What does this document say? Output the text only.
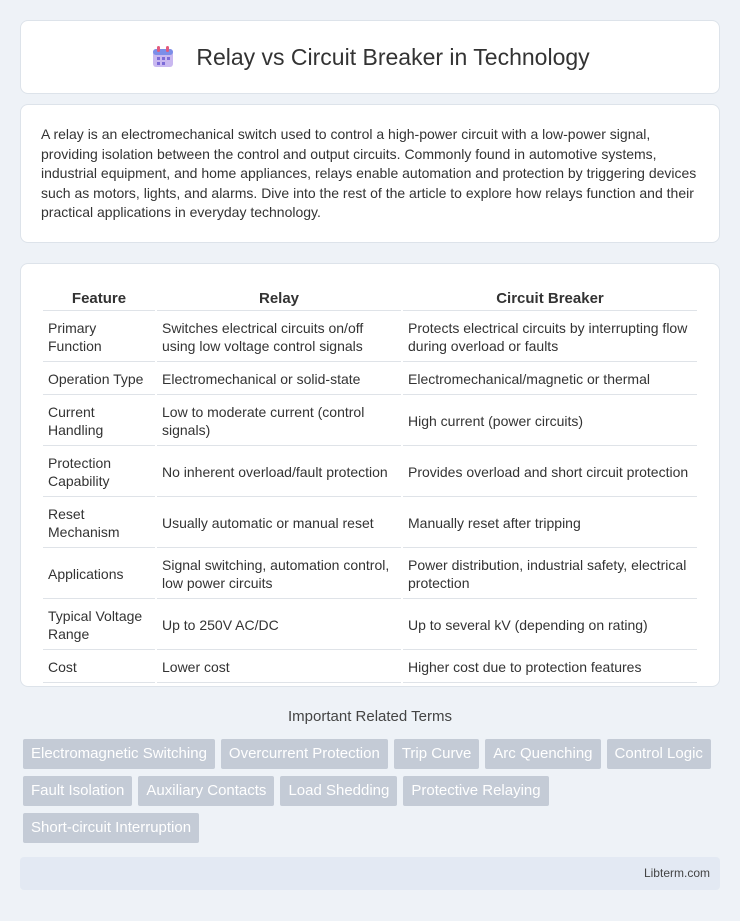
Relay vs Circuit Breaker in Technology

A relay is an electromechanical switch used to control a high-power circuit with a low-power signal, providing isolation between the control and output circuits. Commonly found in automotive systems, industrial equipment, and home appliances, relays enable automation and protection by triggering devices such as motors, lights, and alarms. Dive into the rest of the article to explore how relays function and their practical applications in everyday technology.

Feature	Relay	Circuit Breaker
Primary Function	Switches electrical circuits on/off using low voltage control signals	Protects electrical circuits by interrupting flow during overload or faults
Operation Type	Electromechanical or solid-state	Electromechanical/magnetic or thermal
Current Handling	Low to moderate current (control signals)	High current (power circuits)
Protection Capability	No inherent overload/fault protection	Provides overload and short circuit protection
Reset Mechanism	Usually automatic or manual reset	Manually reset after tripping
Applications	Signal switching, automation control, low power circuits	Power distribution, industrial safety, electrical protection
Typical Voltage Range	Up to 250V AC/DC	Up to several kV (depending on rating)
Cost	Lower cost	Higher cost due to protection features
Important Related Terms
Electromagnetic Switching	Overcurrent Protection	Trip Curve	Arc Quenching	Control Logic
Fault Isolation	Auxiliary Contacts	Load Shedding	Protective Relaying
Short-circuit Interruption
Libterm.com
